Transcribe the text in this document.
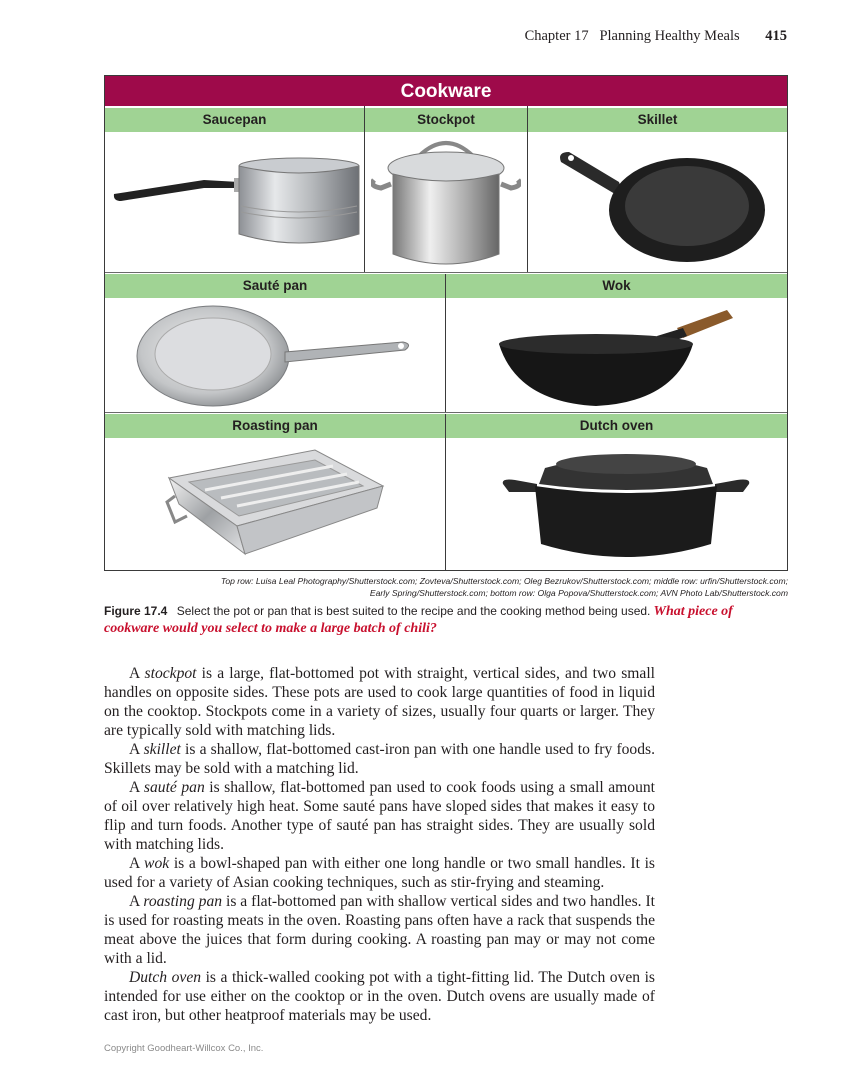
Chapter 17 Planning Healthy Meals 415
Cookware
Saucepan	Stockpot	Skillet
Sauté pan	Wok
Roasting pan	Dutch oven
Top row: Luisa Leal Photography/Shutterstock.com; Zovteva/Shutterstock.com; Oleg Bezrukov/Shutterstock.com; middle row: urfin/Shutterstock.com;
Early Spring/Shutterstock.com; bottom row: Olga Popova/Shutterstock.com; AVN Photo Lab/Shutterstock.com
Figure 17.4 Select the pot or pan that is best suited to the recipe and the cooking method being used. What piece of cookware would you select to make a large batch of chili?

A stockpot is a large, flat-bottomed pot with straight, vertical sides, and two small handles on opposite sides. These pots are used to cook large quantities of food in liquid on the cooktop. Stockpots come in a variety of sizes, usually four quarts or larger. They are typically sold with matching lids.

A skillet is a shallow, flat-bottomed cast-iron pan with one handle used to fry foods. Skillets may be sold with a matching lid.

A sauté pan is shallow, flat-bottomed pan used to cook foods using a small amount of oil over relatively high heat. Some sauté pans have sloped sides that makes it easy to flip and turn foods. Another type of sauté pan has straight sides. They are usually sold with matching lids.

A wok is a bowl-shaped pan with either one long handle or two small handles. It is used for a variety of Asian cooking techniques, such as stir-frying and steaming.

A roasting pan is a flat-bottomed pan with shallow vertical sides and two handles. It is used for roasting meats in the oven. Roasting pans often have a rack that suspends the meat above the juices that form during cooking. A roasting pan may or may not come with a lid.

Dutch oven is a thick-walled cooking pot with a tight-fitting lid. The Dutch oven is intended for use either on the cooktop or in the oven. Dutch ovens are usually made of cast iron, but other heatproof materials may be used.

Copyright Goodheart-Willcox Co., Inc.
